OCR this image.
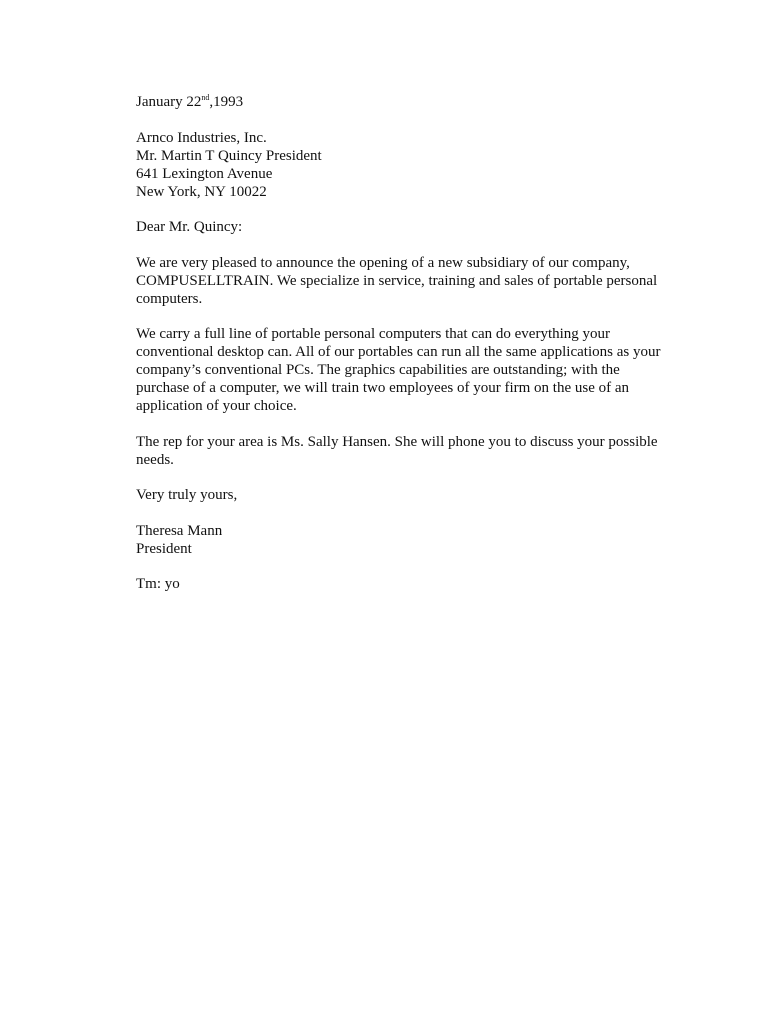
January 22nd,1993
Arnco Industries, Inc.
Mr. Martin T Quincy President
641 Lexington Avenue
New York, NY 10022
Dear Mr. Quincy:
We are very pleased to announce the opening of a new subsidiary of our company,
COMPUSELLTRAIN. We specialize in service, training and sales of portable personal
computers.
We carry a full line of portable personal computers that can do everything your
conventional desktop can. All of our portables can run all the same applications as your
company’s conventional PCs. The graphics capabilities are outstanding; with the
purchase of a computer, we will train two employees of your firm on the use of an
application of your choice.
The rep for your area is Ms. Sally Hansen. She will phone you to discuss your possible
needs.
Very truly yours,
Theresa Mann
President
Tm: yo
